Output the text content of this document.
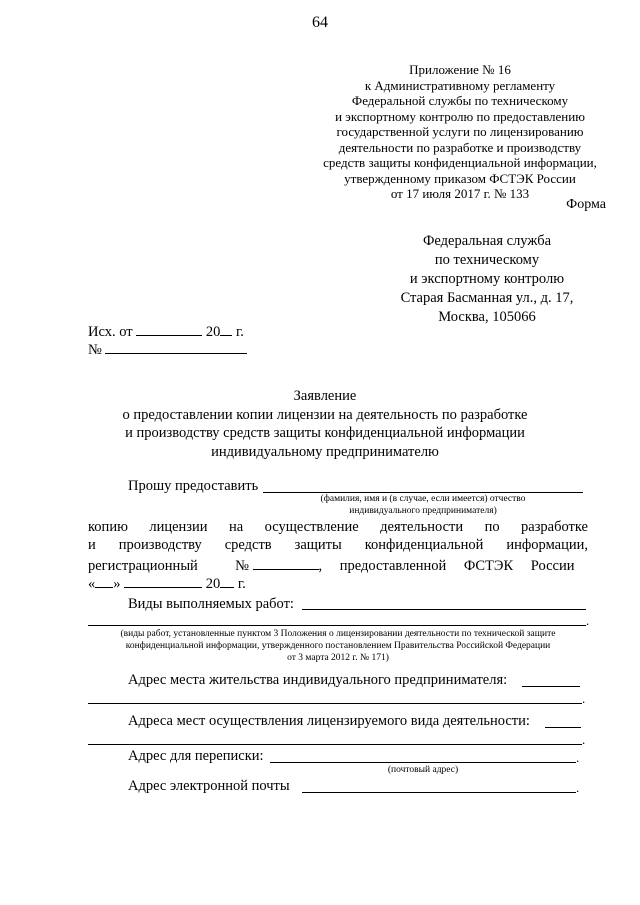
64
Приложение № 16
к Административному регламенту
Федеральной службы по техническому
и экспортному контролю по предоставлению
государственной услуги по лицензированию
деятельности по разработке и производству
средств защиты конфиденциальной информации,
утвержденному приказом ФСТЭК России
от 17 июля 2017 г. № 133
Форма
Федеральная служба
по техническому
и экспортному контролю
Старая Басманная ул., д. 17,
Москва, 105066
Исх. от	20 г.
№
Заявление
о предоставлении копии лицензии на деятельность по разработке
и производству средств защиты конфиденциальной информации
индивидуальному предпринимателю
Прошу предоставить
(фамилия, имя и (в случае, если имеется) отчество
индивидуального предпринимателя)
копию лицензии на осуществление деятельности по разработке
и производству средств защиты конфиденциальной информации,
регистрационный	№	, предоставленной ФСТЭК России
« »	20 г.
Виды выполняемых работ:
.
(виды работ, установленные пунктом 3 Положения о лицензировании деятельности по технической защите
конфиденциальной информации, утвержденного постановлением Правительства Российской Федерации
от 3 марта 2012 г. № 171)
Адрес места жительства индивидуального предпринимателя:
.
Адреса мест осуществления лицензируемого вида деятельности:
.
Адрес для переписки:	.
(почтовый адрес)
Адрес электронной почты	.
